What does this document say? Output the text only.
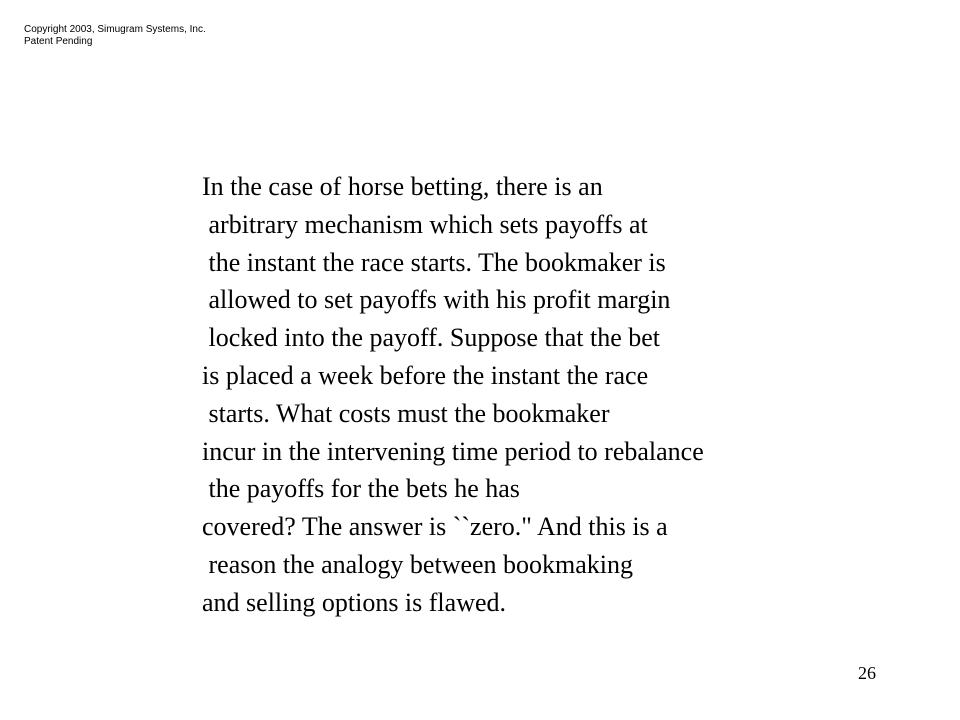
Copyright 2003, Simugram Systems, Inc.
Patent Pending
In the case of horse betting, there is an
arbitrary mechanism which sets payoffs at
the instant the race starts. The bookmaker is
allowed to set payoffs with his profit margin
locked into the payoff. Suppose that the bet
is placed a week before the instant the race
starts. What costs must the bookmaker
incur in the intervening time period to rebalance
the payoffs for the bets he has
covered? The answer is ``zero." And this is a
reason the analogy between bookmaking
and selling options is flawed.
26
